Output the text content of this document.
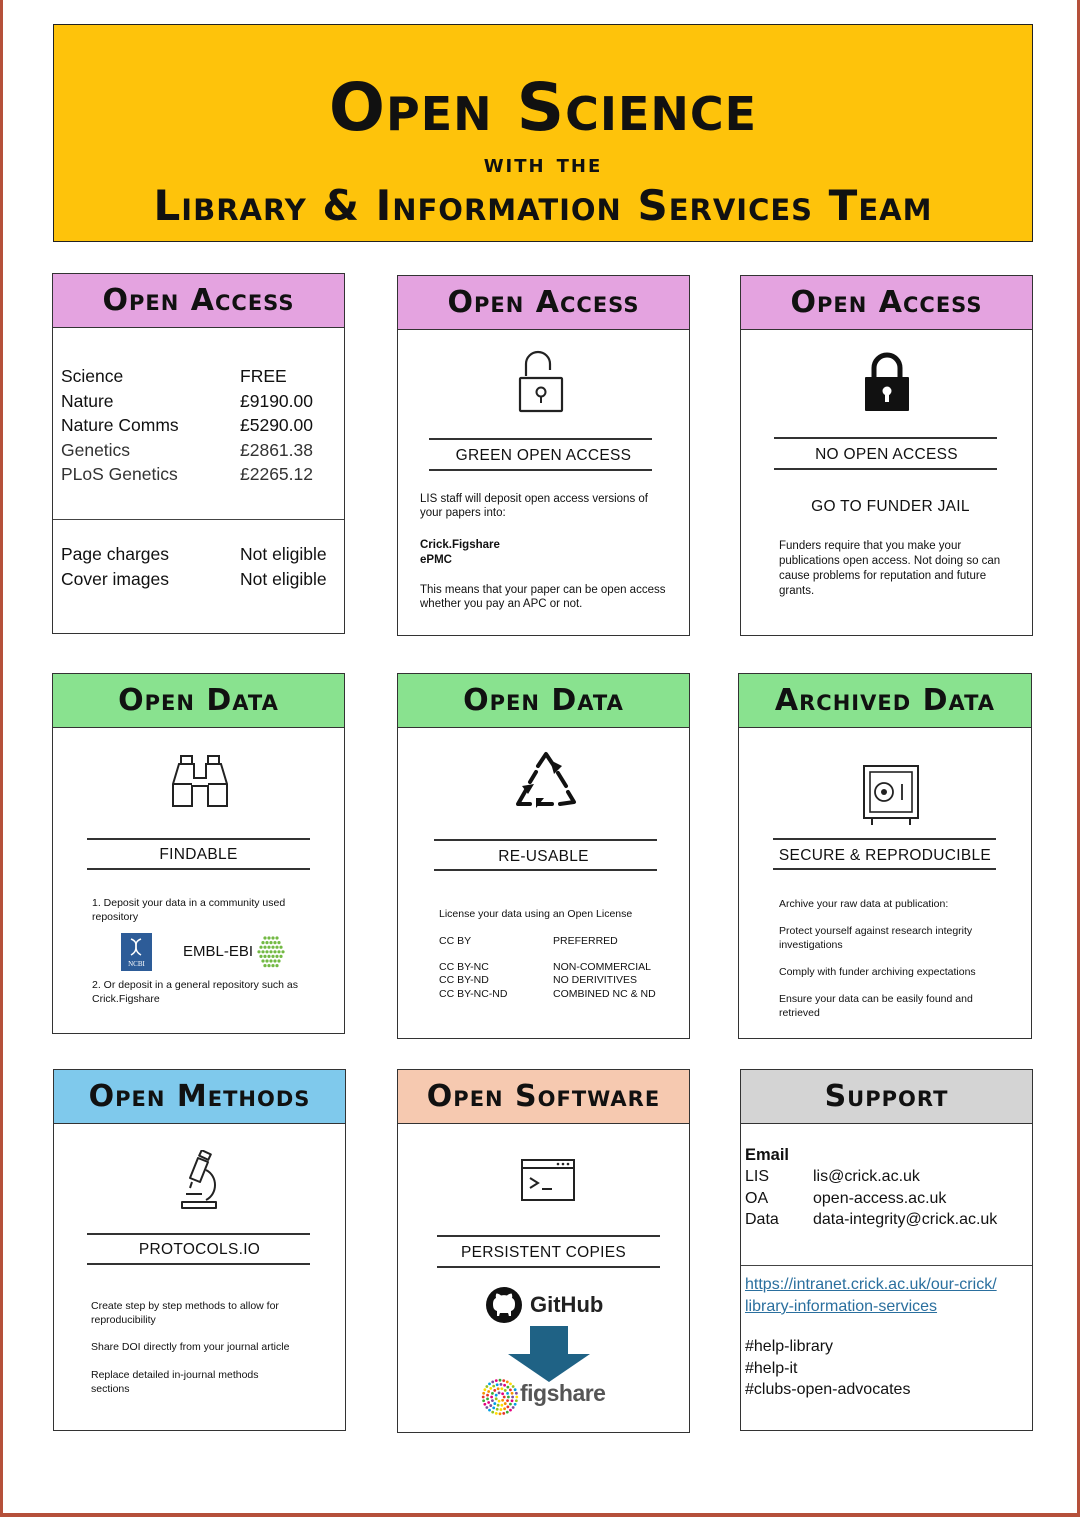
Open Science
with the
Library & Information Services Team
Open Access
Science	FREE
Nature	£9190.00
Nature Comms	£5290.00
Genetics	£2861.38
PLoS Genetics	£2265.12
Page charges	Not eligible
Cover images	Not eligible
Open Access
GREEN OPEN ACCESS
LIS staff will deposit open access versions of your papers into:
Crick.Figshare
ePMC
This means that your paper can be open access whether you pay an APC or not.
Open Access
NO OPEN ACCESS
GO TO FUNDER JAIL
Funders require that you make your publications open access. Not doing so can cause problems for reputation and future grants.
Open Data
FINDABLE
1. Deposit your data in a community used repository
NCBI
EMBL-EBI
2. Or deposit in a general repository such as Crick.Figshare
Open Data
RE-USABLE
License your data using an Open License
CC BY	PREFERRED
CC BY-NC	NON-COMMERCIAL
CC BY-ND	NO DERIVITIVES
CC BY-NC-ND	COMBINED NC & ND
Archived Data
SECURE & REPRODUCIBLE
Archive your raw data at publication:
Protect yourself against research integrity investigations
Comply with funder archiving expectations
Ensure your data can be easily found and retrieved
Open Methods
PROTOCOLS.IO
Create step by step methods to allow for reproducibility
Share DOI directly from your journal article
Replace detailed in-journal methods sections
Open Software
PERSISTENT COPIES
GitHub
figshare
Support
Email
LIS	lis@crick.ac.uk
OA	open-access.ac.uk
Data data-integrity@crick.ac.uk
https://intranet.crick.ac.uk/our-crick/library-information-services
#help-library
#help-it
#clubs-open-advocates
